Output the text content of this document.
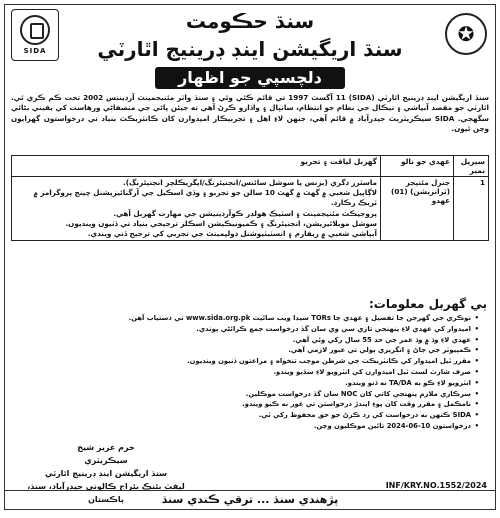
SIDA
سنڌ حڪومت
سنڌ اريگيشن اينڊ ڊرينيج اٿارٽي
✪
دلچسپي جو اظهار
سنڌ اريگيشن اينڊ ڊرينيج اٿارٽي (SIDA) 11 آگسٽ 1997 تي قائم ڪئي وئي ۽ سنڌ واٽر مئنيجمينٽ آرڊيننس 2002 تحت ڪم ڪري ٿي. اٿارٽي جو مقصد آبپاشي ۽ نيڪال جي نظام جو انتظام، سانڀال ۽ واڌارو ڪرڻ آهي ته جيئن پاڻي جي منصفاڻي ورهاست کي يقيني بڻائي سگهجي. SIDA سيڪريٽريٽ حيدرآباد ۾ قائم آهي، جنهن لاءِ اهل ۽ تجربيڪار اميدوارن کان ڪانٽريڪٽ بنياد تي درخواستون گهرايون وڃن ٿيون.
سيريل نمبر	عهدي جو نالو	گهربل لياقت ۽ تجربو
1	جنرل مئنيجر (ٽرانزيشن) (01) عهدو	ماسٽرز ڊگري (بزنس يا سوشل سائنس/انجنيئرنگ/ايگريڪلچر انجنيئرنگ).
لاڳاپيل شعبي ۾ گهٽ ۾ گهٽ 10 سالن جو تجربو ۽ وڏي اسڪيل جي آرگنائيزيشنل چينج پروگرامز ۾ ٽريڪ رڪارڊ.
پروجيڪٽ مئنيجمينٽ ۽ اسٽيڪ هولڊر ڪوآرڊينيشن جي مهارت گهربل آهي.
سوشل موبلائيزيشن، انجنيئرنگ ۽ ڪميونيڪيشن اسڪلز ترجيحي بنياد تي ڏٺيون وينديون.
آبپاشي شعبي ۾ ريفارم ۽ انسٽيٽيوشنل ڊولپمينٽ جي تجربي کي ترجيح ڏني ويندي.
ٻي گهربل معلومات:
• نوڪري جي گهرجن جا تفصيل ۽ عهدي جا TORs سيڊا ويب سائيٽ www.sida.org.pk تي دستياب آهن.
• اميدوار کي عهدي لاءِ پنهنجي تازي سي وي سان گڏ درخواست جمع ڪرائڻي پوندي.
• عهدي لاءِ وڌ ۾ وڌ عمر جي حد 55 سال رکي وئي آهي.
• ڪمپيوٽر جي ڄاڻ ۽ انگريزي ٻولي تي عبور لازمي آهي.
• مقرر ٿيل اميدوار کي ڪانٽريڪٽ جي شرطن موجب تنخواه ۽ مراعتون ڏنيون وينديون.
• صرف شارٽ لسٽ ٿيل اميدوارن کي انٽرويو لاءِ سڏيو ويندو.
• انٽرويو لاءِ ڪو به TA/DA نه ڏنو ويندو.
• سرڪاري ملازم پنهنجي کاتي کان NOC سان گڏ درخواست موڪلين.
• نامڪمل ۽ مقرر وقت کان پوءِ ايندڙ درخواستن تي غور نه ڪيو ويندو.
• SIDA ڪنهن به درخواست کي رد ڪرڻ جو حق محفوظ رکي ٿي.
• درخواستون 10-06-2024 تائين موڪليون وڃن.
خرم عزيز شيخ
سيڪريٽري
سنڌ اريگيشن اينڊ ڊرينيج اٿارٽي
ليفٽ بئنڪ بئراج ڪالوني حيدرآباد، سنڌ، پاڪستان
INF/KRY.NO.1552/2024
پڙهندي سنڌ ... ترقي ڪندي سنڌ
